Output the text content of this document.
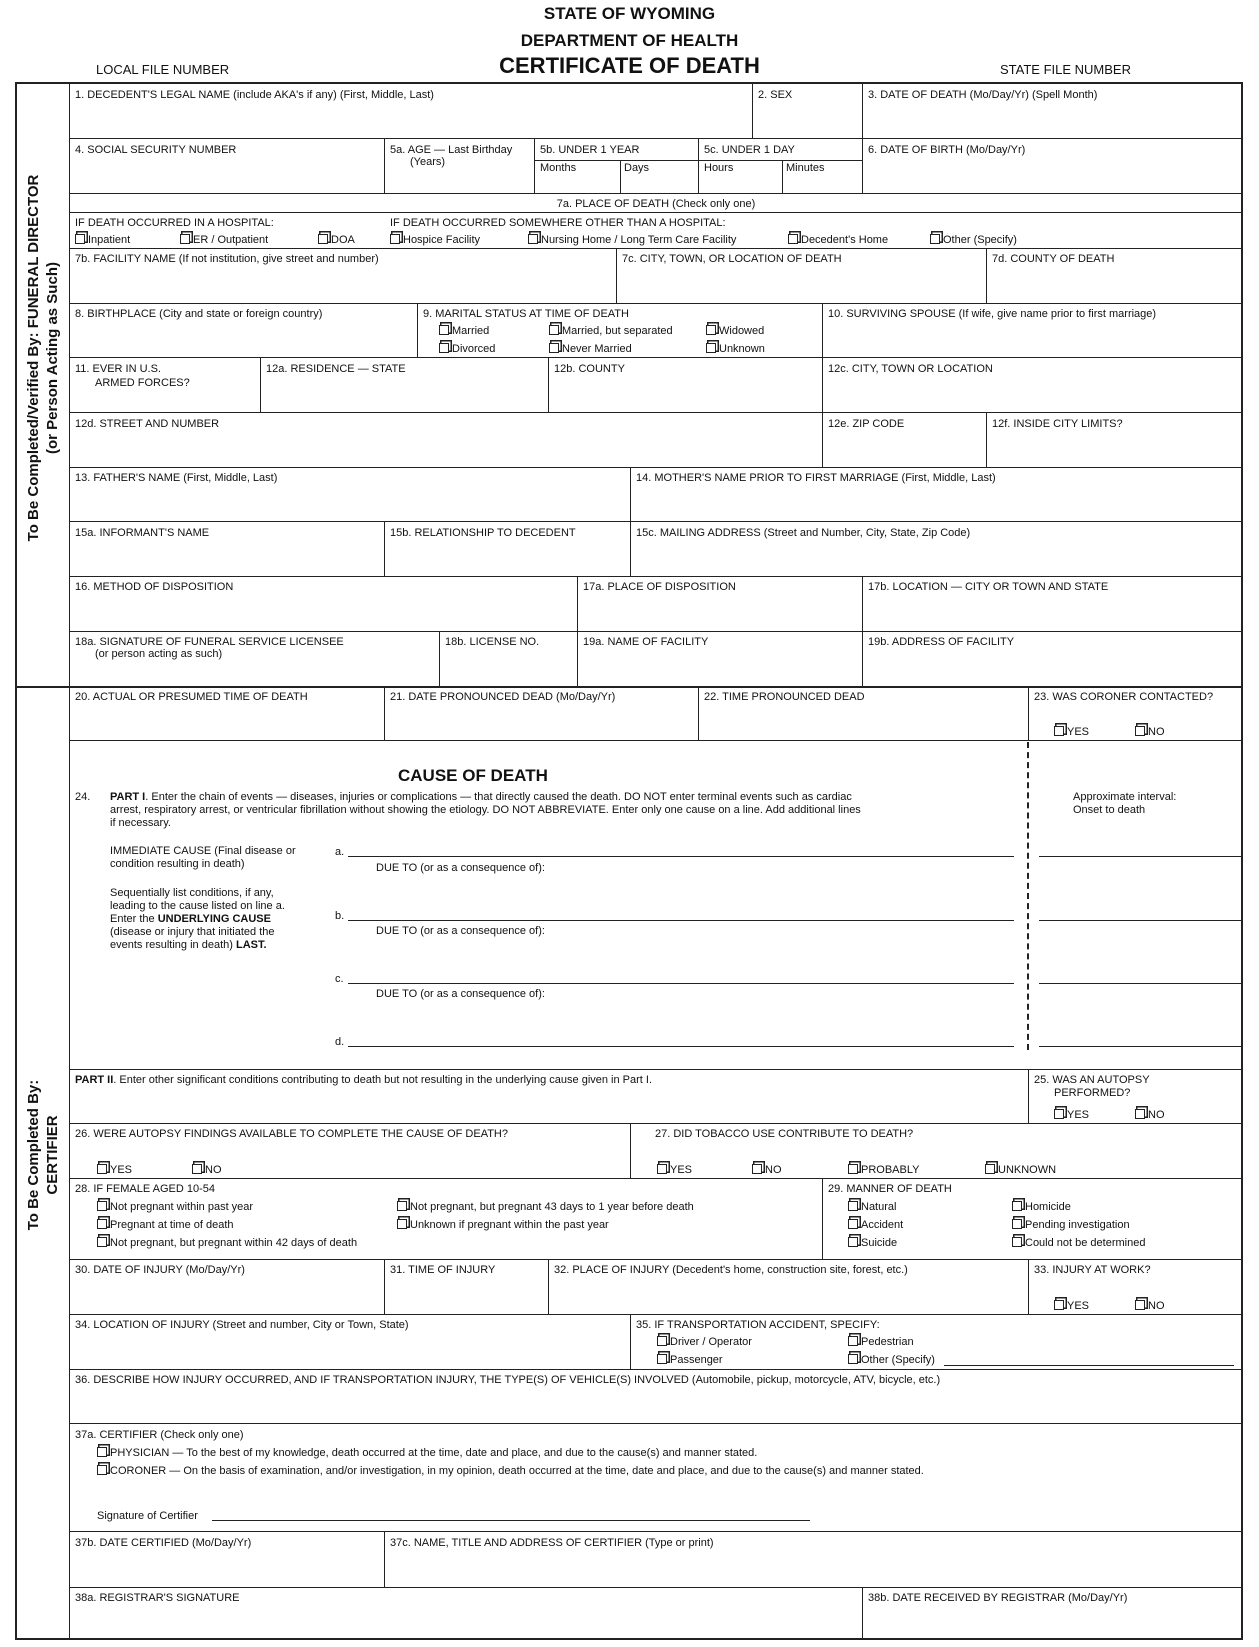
STATE OF WYOMING
DEPARTMENT OF HEALTH
CERTIFICATE OF DEATH
LOCAL FILE NUMBER	STATE FILE NUMBER
To Be Completed/Verified By: FUNERAL DIRECTOR (or Person Acting as Such)
To Be Completed By: CERTIFIER
1. DECEDENT'S LEGAL NAME (include AKA's if any) (First, Middle, Last)	2. SEX	3. DATE OF DEATH (Mo/Day/Yr) (Spell Month)
4. SOCIAL SECURITY NUMBER	5a. AGE — Last Birthday
(Years)
5b. UNDER 1 YEAR
Months	Days
5c. UNDER 1 DAY
Hours	Minutes
6. DATE OF BIRTH (Mo/Day/Yr)
7a. PLACE OF DEATH (Check only one)
IF DEATH OCCURRED IN A HOSPITAL:	IF DEATH OCCURRED SOMEWHERE OTHER THAN A HOSPITAL:
Inpatient	ER / Outpatient	DOA	Hospice Facility	Nursing Home / Long Term Care Facility	Decedent's Home	Other (Specify)
7b. FACILITY NAME (If not institution, give street and number)	7c. CITY, TOWN, OR LOCATION OF DEATH	7d. COUNTY OF DEATH
8. BIRTHPLACE (City and state or foreign country)	9. MARITAL STATUS AT TIME OF DEATH
Married	Married, but separated	Widowed
Divorced	Never Married	Unknown
10. SURVIVING SPOUSE (If wife, give name prior to first marriage)
11. EVER IN U.S.
ARMED FORCES?
12a. RESIDENCE — STATE	12b. COUNTY	12c. CITY, TOWN OR LOCATION
12d. STREET AND NUMBER	12e. ZIP CODE	12f. INSIDE CITY LIMITS?
13. FATHER'S NAME (First, Middle, Last)	14. MOTHER'S NAME PRIOR TO FIRST MARRIAGE (First, Middle, Last)
15a. INFORMANT'S NAME	15b. RELATIONSHIP TO DECEDENT	15c. MAILING ADDRESS (Street and Number, City, State, Zip Code)
16. METHOD OF DISPOSITION	17a. PLACE OF DISPOSITION	17b. LOCATION — CITY OR TOWN AND STATE
18a. SIGNATURE OF FUNERAL SERVICE LICENSEE
(or person acting as such)
18b. LICENSE NO.	19a. NAME OF FACILITY	19b. ADDRESS OF FACILITY
20. ACTUAL OR PRESUMED TIME OF DEATH	21. DATE PRONOUNCED DEAD (Mo/Day/Yr)	22. TIME PRONOUNCED DEAD	23. WAS CORONER CONTACTED?
YES	NO
CAUSE OF DEATH
24. PART I. Enter the chain of events — diseases, injuries or complications — that directly caused the death. DO NOT enter terminal events such as cardiac
arrest, respiratory arrest, or ventricular fibrillation without showing the etiology. DO NOT ABBREVIATE. Enter only one cause on a line. Add additional lines
if necessary.
Approximate interval:
Onset to death
IMMEDIATE CAUSE (Final disease or
condition resulting in death)
Sequentially list conditions, if any,
leading to the cause listed on line a.
Enter the UNDERLYING CAUSE
(disease or injury that initiated the
events resulting in death) LAST.
a.
DUE TO (or as a consequence of):
b.
DUE TO (or as a consequence of):
c.
DUE TO (or as a consequence of):
d.
PART II. Enter other significant conditions contributing to death but not resulting in the underlying cause given in Part I.	25. WAS AN AUTOPSY
PERFORMED?
YES	NO
26. WERE AUTOPSY FINDINGS AVAILABLE TO COMPLETE THE CAUSE OF DEATH?
YES	NO
27. DID TOBACCO USE CONTRIBUTE TO DEATH?
YES	NO	PROBABLY	UNKNOWN
28. IF FEMALE AGED 10-54
Not pregnant within past year
Pregnant at time of death
Not pregnant, but pregnant within 42 days of death
Not pregnant, but pregnant 43 days to 1 year before death
Unknown if pregnant within the past year
29. MANNER OF DEATH
Natural
Accident
Suicide
Homicide
Pending investigation
Could not be determined
30. DATE OF INJURY (Mo/Day/Yr)	31. TIME OF INJURY	32. PLACE OF INJURY (Decedent's home, construction site, forest, etc.)	33. INJURY AT WORK?
YES	NO
34. LOCATION OF INJURY (Street and number, City or Town, State)	35. IF TRANSPORTATION ACCIDENT, SPECIFY:
Driver / Operator
Passenger
Pedestrian
Other (Specify)
36. DESCRIBE HOW INJURY OCCURRED, AND IF TRANSPORTATION INJURY, THE TYPE(S) OF VEHICLE(S) INVOLVED (Automobile, pickup, motorcycle, ATV, bicycle, etc.)
37a. CERTIFIER (Check only one)
PHYSICIAN — To the best of my knowledge, death occurred at the time, date and place, and due to the cause(s) and manner stated.
CORONER — On the basis of examination, and/or investigation, in my opinion, death occurred at the time, date and place, and due to the cause(s) and manner stated.
Signature of Certifier
37b. DATE CERTIFIED (Mo/Day/Yr)	37c. NAME, TITLE AND ADDRESS OF CERTIFIER (Type or print)
38a. REGISTRAR'S SIGNATURE	38b. DATE RECEIVED BY REGISTRAR (Mo/Day/Yr)
